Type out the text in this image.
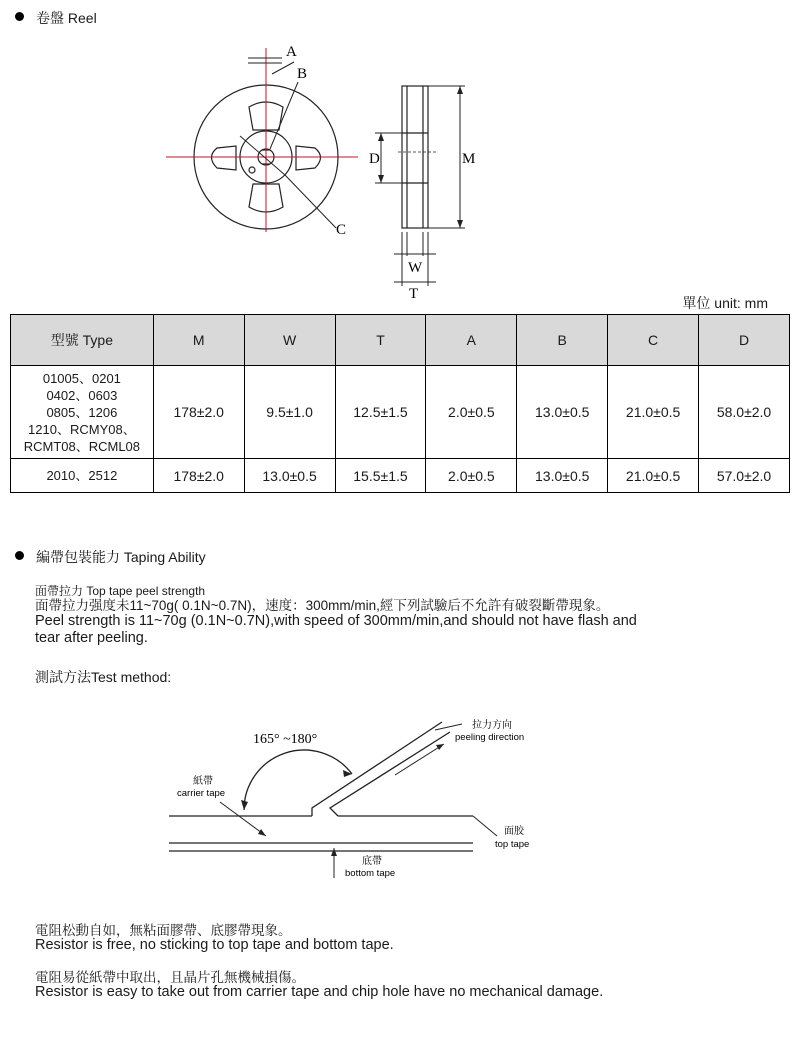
卷盤 Reel
A
B
C
D	M
W
T
單位 unit: mm
型號 Type	M	W	T	A	B	C	D

01005、0201
0402、0603
0805、1206
1210、RCMY08、
RCMT08、RCML08	178±2.0	9.5±1.0	12.5±1.5	2.0±0.5	13.0±0.5	21.0±0.5	58.0±2.0

2010、2512	178±2.0	13.0±0.5	15.5±1.5	2.0±0.5	13.0±0.5	21.0±0.5	57.0±2.0
編帶包裝能力 Taping Ability
面帶拉力 Top tape peel strength
面帶拉力强度未11~70g( 0.1N~0.7N)，速度：300mm/min,經下列試驗后不允許有破裂斷帶現象。
Peel strength is 11~70g (0.1N~0.7N),with speed of 300mm/min,and should not have flash and
tear after peeling.
測試方法Test method:
165° ~180°
拉力方向
peeling direction
紙帶
carrier tape
面胶
top tape
底帶
bottom tape
電阻松動自如，無粘面膠帶、底膠帶現象。
Resistor is free, no sticking to top tape and bottom tape.
電阻易從紙帶中取出，且晶片孔無機械損傷。
Resistor is easy to take out from carrier tape and chip hole have no mechanical damage.
